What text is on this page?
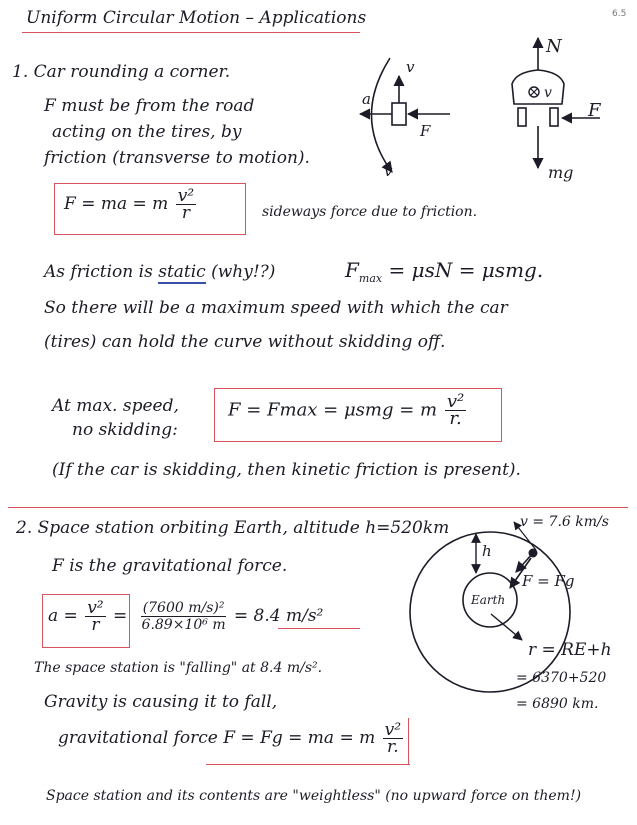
6.5
Uniform Circular Motion – Applications
1. Car rounding a corner.
F must be from the road
acting on the tires, by
friction (transverse to motion).
F = ma = m $\frac{\text{v²}}{r}$	sideways force due to friction.
As friction is static (why!?)	$F_{max} = \mu sN = \mu smg$.
So there will be a maximum speed with which the car
(tires) can hold the curve without skidding off.
At max. speed,
no skidding:
F = Fmax = μsmg = m $\frac{\text{v²}}{r.}$
(If the car is skidding, then kinetic friction is present).
v
a
F
v
N
v
F
mg
2. Space station orbiting Earth, altitude h=520km
F is the gravitational force.
$a = \frac{\text{v²}}{r} = \frac{\text{(7600 m/s)²}}{\text{6.89×10⁶ m}} = 8.4$ m/s²
The space station is "falling" at 8.4 m/s².
Gravity is causing it to fall,
gravitational force F = Fg = ma = m $\frac{\text{v²}}{r.}$
Space station and its contents are "weightless" (no upward force on them!)
Earth
h
F = Fg
v = 7.6 km/s
r = RE+h
= 6370+520
= 6890 km.
